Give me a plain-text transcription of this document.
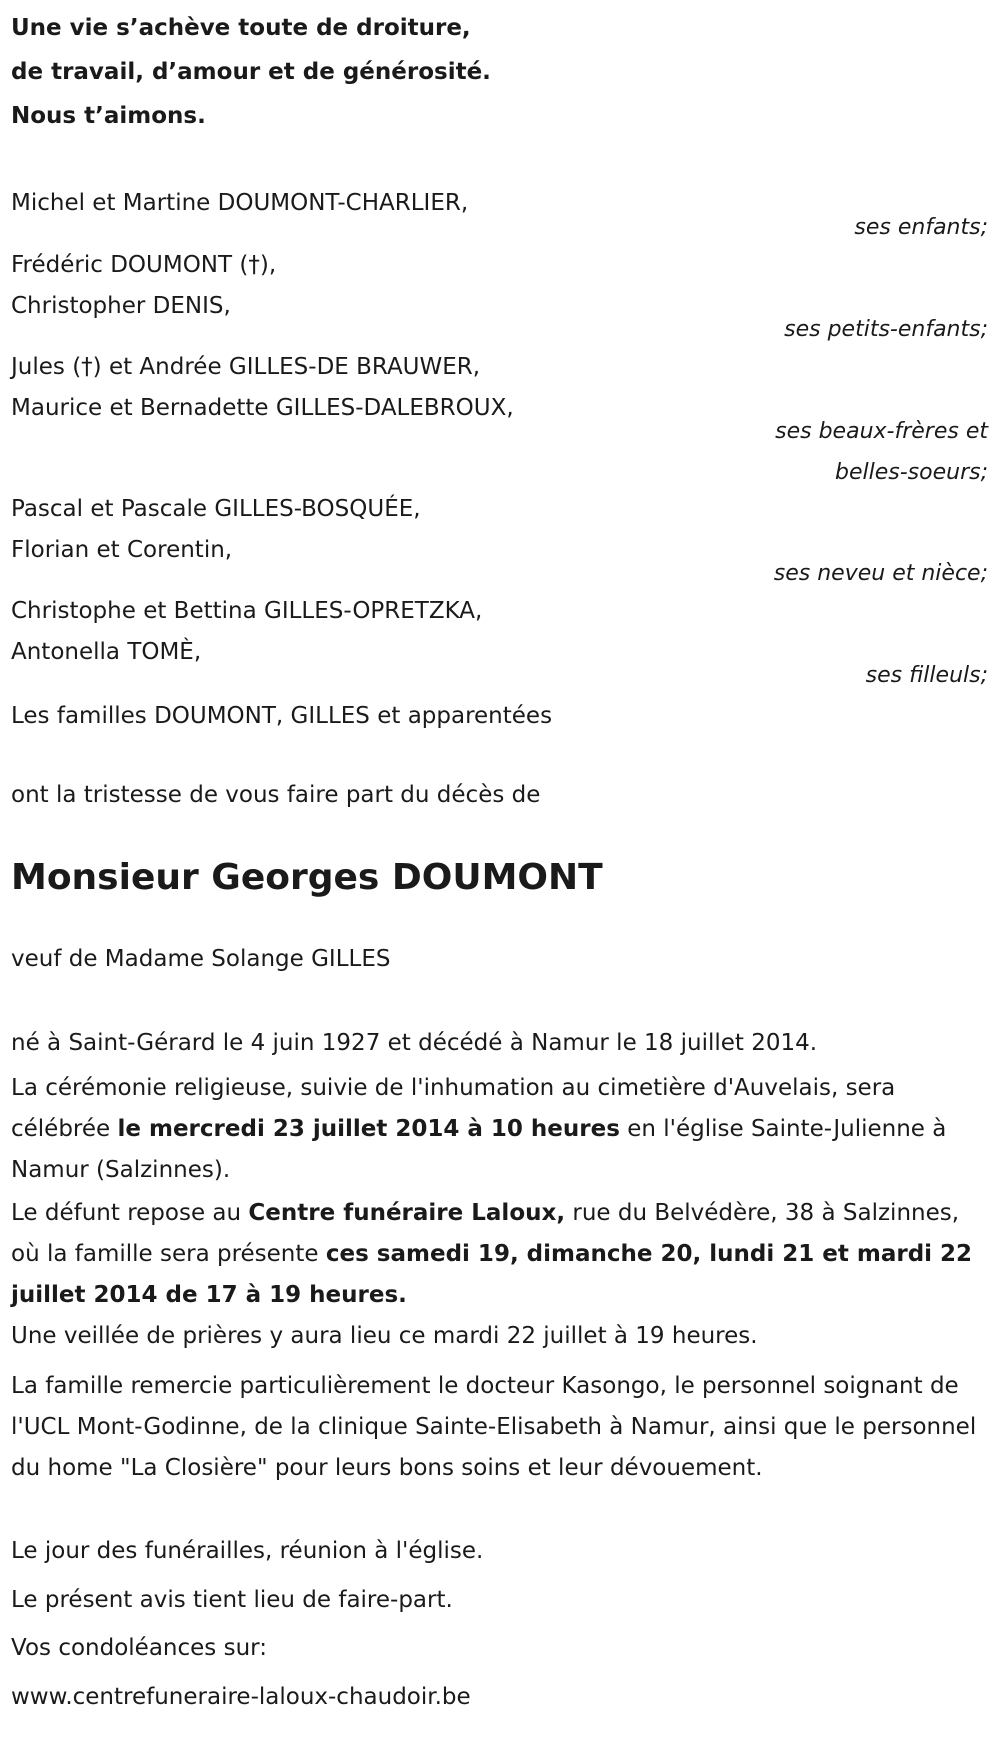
Une vie s’achève toute de droiture,
de travail, d’amour et de générosité.
Nous t’aimons.
Michel et Martine DOUMONT-CHARLIER,
ses enfants;
Frédéric DOUMONT (†),
Christopher DENIS,
ses petits-enfants;
Jules (†) et Andrée GILLES-DE BRAUWER,
Maurice et Bernadette GILLES-DALEBROUX,
ses beaux-frères et
belles-soeurs;
Pascal et Pascale GILLES-BOSQUÉE,
Florian et Corentin,
ses neveu et nièce;
Christophe et Bettina GILLES-OPRETZKA,
Antonella TOMÈ,
ses filleuls;
Les familles DOUMONT, GILLES et apparentées
ont la tristesse de vous faire part du décès de
Monsieur Georges DOUMONT
veuf de Madame Solange GILLES
né à Saint-Gérard le 4 juin 1927 et décédé à Namur le 18 juillet 2014.
La cérémonie religieuse, suivie de l'inhumation au cimetière d'Auvelais, sera célébrée le mercredi 23 juillet 2014 à 10 heures en l'église Sainte-Julienne à Namur (Salzinnes).
Le défunt repose au Centre funéraire Laloux, rue du Belvédère, 38 à Salzinnes, où la famille sera présente ces samedi 19, dimanche 20, lundi 21 et mardi 22 juillet 2014 de 17 à 19 heures.
Une veillée de prières y aura lieu ce mardi 22 juillet à 19 heures.
La famille remercie particulièrement le docteur Kasongo, le personnel soignant de l'UCL Mont-Godinne, de la clinique Sainte-Elisabeth à Namur, ainsi que le personnel du home "La Closière" pour leurs bons soins et leur dévouement.
Le jour des funérailles, réunion à l'église.
Le présent avis tient lieu de faire-part.
Vos condoléances sur:
www.centrefuneraire-laloux-chaudoir.be
